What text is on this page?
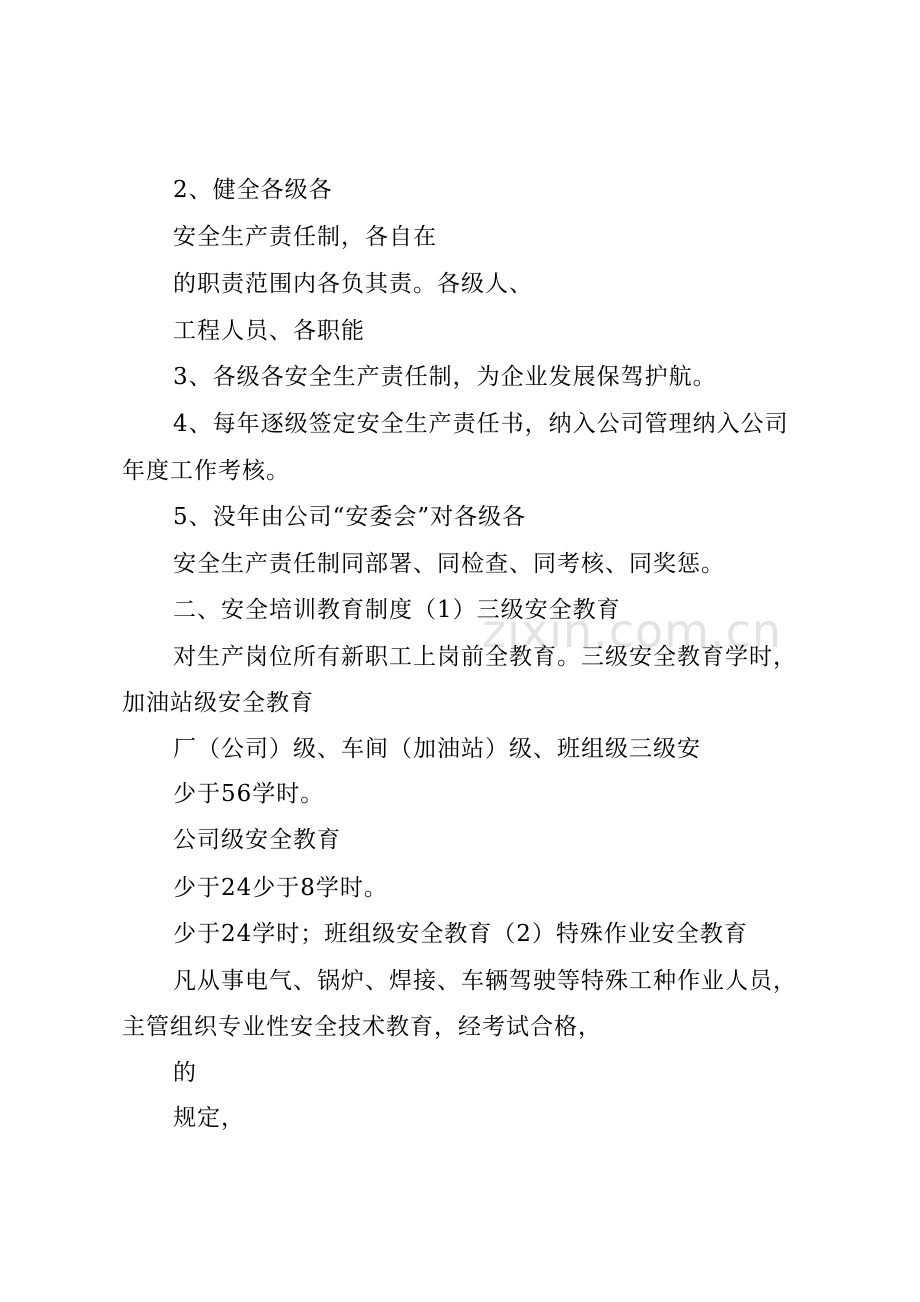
zixin.com.cn
2、健全各级各
安全生产责任制，各自在
的职责范围内各负其责。各级人、
工程人员、各职能
3、各级各安全生产责任制，为企业发展保驾护航。
4、每年逐级签定安全生产责任书，纳入公司管理纳入公司
年度工作考核。
5、没年由公司“安委会”对各级各
安全生产责任制同部署、同检查、同考核、同奖惩。
二、安全培训教育制度（1）三级安全教育
对生产岗位所有新职工上岗前全教育。三级安全教育学时，
加油站级安全教育
厂（公司）级、车间（加油站）级、班组级三级安
少于56学时。
公司级安全教育
少于24少于8学时。
少于24学时；班组级安全教育（2）特殊作业安全教育
凡从事电气、锅炉、焊接、车辆驾驶等特殊工种作业人员，
主管组织专业性安全技术教育，经考试合格，
的
规定，
